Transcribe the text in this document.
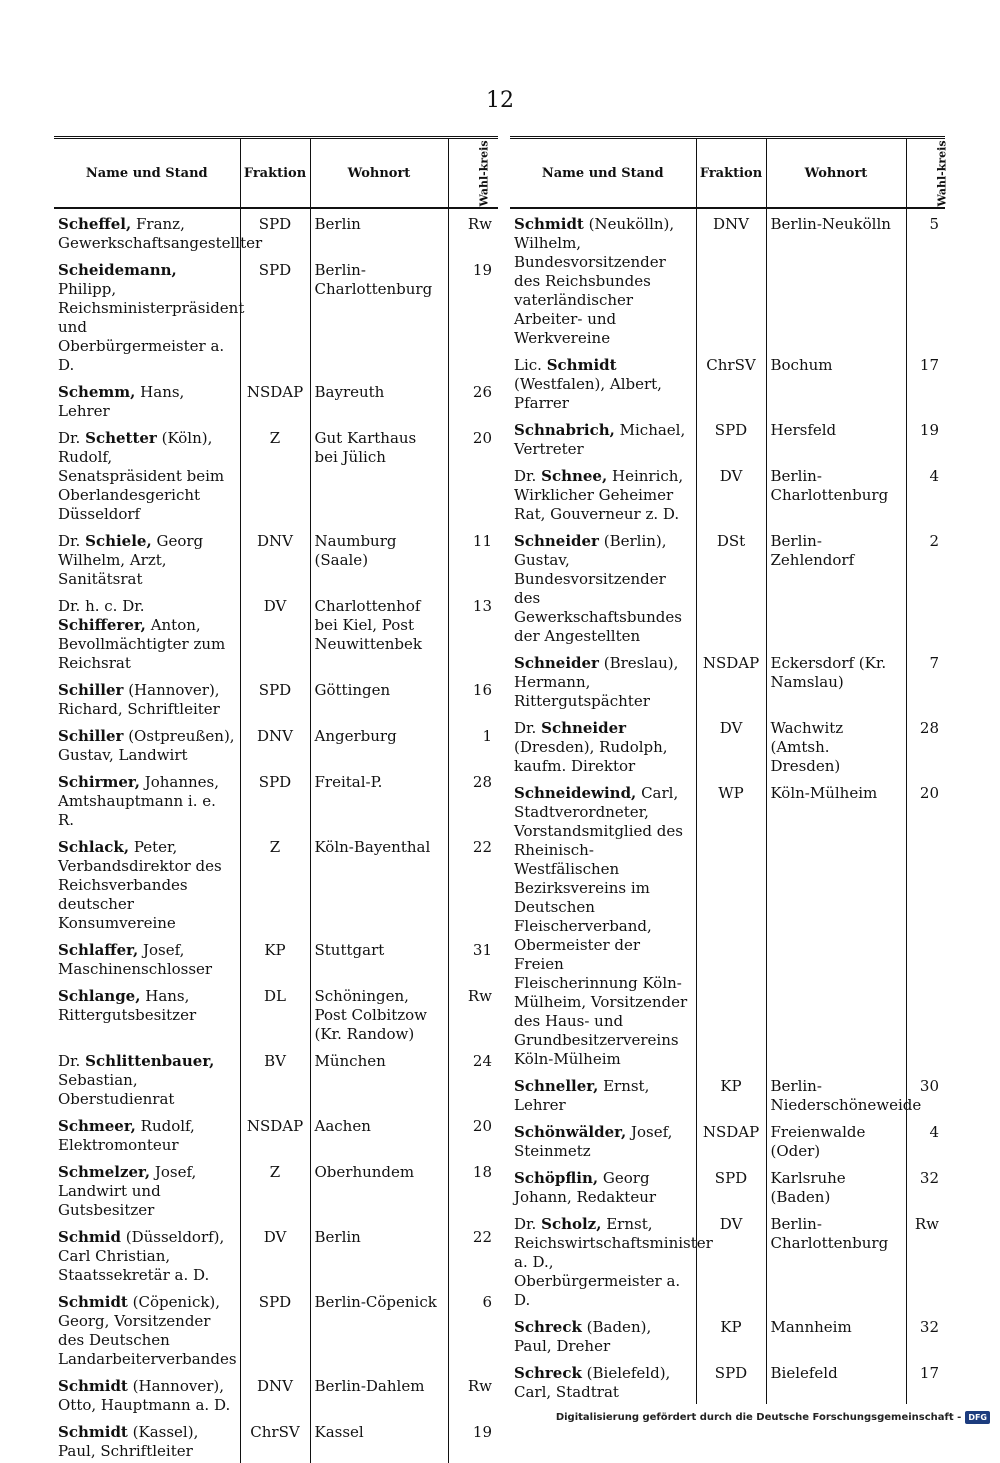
12
Name und Stand	Fraktion	Wohnort	Wahl-kreis
Scheffel, Franz, Gewerkschaftsangestellter	SPD	Berlin	Rw
Scheidemann, Philipp, Reichsministerpräsident und Oberbürgermeister a. D.	SPD	Berlin-Charlottenburg	19
Schemm, Hans, Lehrer	NSDAP	Bayreuth	26
Dr. Schetter (Köln), Rudolf, Senatspräsident beim Oberlandesgericht Düsseldorf	Z	Gut Karthaus bei Jülich	20
Dr. Schiele, Georg Wilhelm, Arzt, Sanitätsrat	DNV	Naumburg (Saale)	11
Dr. h. c. Dr. Schifferer, Anton, Bevollmächtigter zum Reichsrat	DV	Charlottenhof bei Kiel, Post Neuwittenbek	13
Schiller (Hannover), Richard, Schriftleiter	SPD	Göttingen	16
Schiller (Ostpreußen), Gustav, Landwirt	DNV	Angerburg	1
Schirmer, Johannes, Amtshauptmann i. e. R.	SPD	Freital-P.	28
Schlack, Peter, Verbandsdirektor des Reichsverbandes deutscher Konsumvereine	Z	Köln-Bayenthal	22
Schlaffer, Josef, Maschinenschlosser	KP	Stuttgart	31
Schlange, Hans, Rittergutsbesitzer	DL	Schöningen, Post Colbitzow (Kr. Randow)	Rw
Dr. Schlittenbauer, Sebastian, Oberstudienrat	BV	München	24
Schmeer, Rudolf, Elektromonteur	NSDAP	Aachen	20
Schmelzer, Josef, Landwirt und Gutsbesitzer	Z	Oberhundem	18
Schmid (Düsseldorf), Carl Christian, Staatssekretär a. D.	DV	Berlin	22
Schmidt (Cöpenick), Georg, Vorsitzender des Deutschen Landarbeiterverbandes	SPD	Berlin-Cöpenick	6
Schmidt (Hannover), Otto, Hauptmann a. D.	DNV	Berlin-Dahlem	Rw
Schmidt (Kassel), Paul, Schriftleiter	ChrSV	Kassel	19
Name und Stand	Fraktion	Wohnort	Wahl-kreis
Schmidt (Neukölln), Wilhelm, Bundesvorsitzender des Reichsbundes vaterländischer Arbeiter- und Werkvereine	DNV	Berlin-Neukölln	5
Lic. Schmidt (Westfalen), Albert, Pfarrer	ChrSV	Bochum	17
Schnabrich, Michael, Vertreter	SPD	Hersfeld	19
Dr. Schnee, Heinrich, Wirklicher Geheimer Rat, Gouverneur z. D.	DV	Berlin-Charlottenburg	4
Schneider (Berlin), Gustav, Bundesvorsitzender des Gewerkschaftsbundes der Angestellten	DSt	Berlin-Zehlendorf	2
Schneider (Breslau), Hermann, Rittergutspächter	NSDAP	Eckersdorf (Kr. Namslau)	7
Dr. Schneider (Dresden), Rudolph, kaufm. Direktor	DV	Wachwitz (Amtsh. Dresden)	28
Schneidewind, Carl, Stadtverordneter, Vorstandsmitglied des Rheinisch-Westfälischen Bezirksvereins im Deutschen Fleischerverband, Obermeister der Freien Fleischerinnung Köln-Mülheim, Vorsitzender des Haus- und Grundbesitzervereins Köln-Mülheim	WP	Köln-Mülheim	20
Schneller, Ernst, Lehrer	KP	Berlin-Niederschöneweide	30
Schönwälder, Josef, Steinmetz	NSDAP	Freienwalde (Oder)	4
Schöpflin, Georg Johann, Redakteur	SPD	Karlsruhe (Baden)	32
Dr. Scholz, Ernst, Reichswirtschaftsminister a. D., Oberbürgermeister a. D.	DV	Berlin-Charlottenburg	Rw
Schreck (Baden), Paul, Dreher	KP	Mannheim	32
Schreck (Bielefeld), Carl, Stadtrat	SPD	Bielefeld	17
Digitalisierung gefördert durch die Deutsche Forschungsgemeinschaft - DFG
